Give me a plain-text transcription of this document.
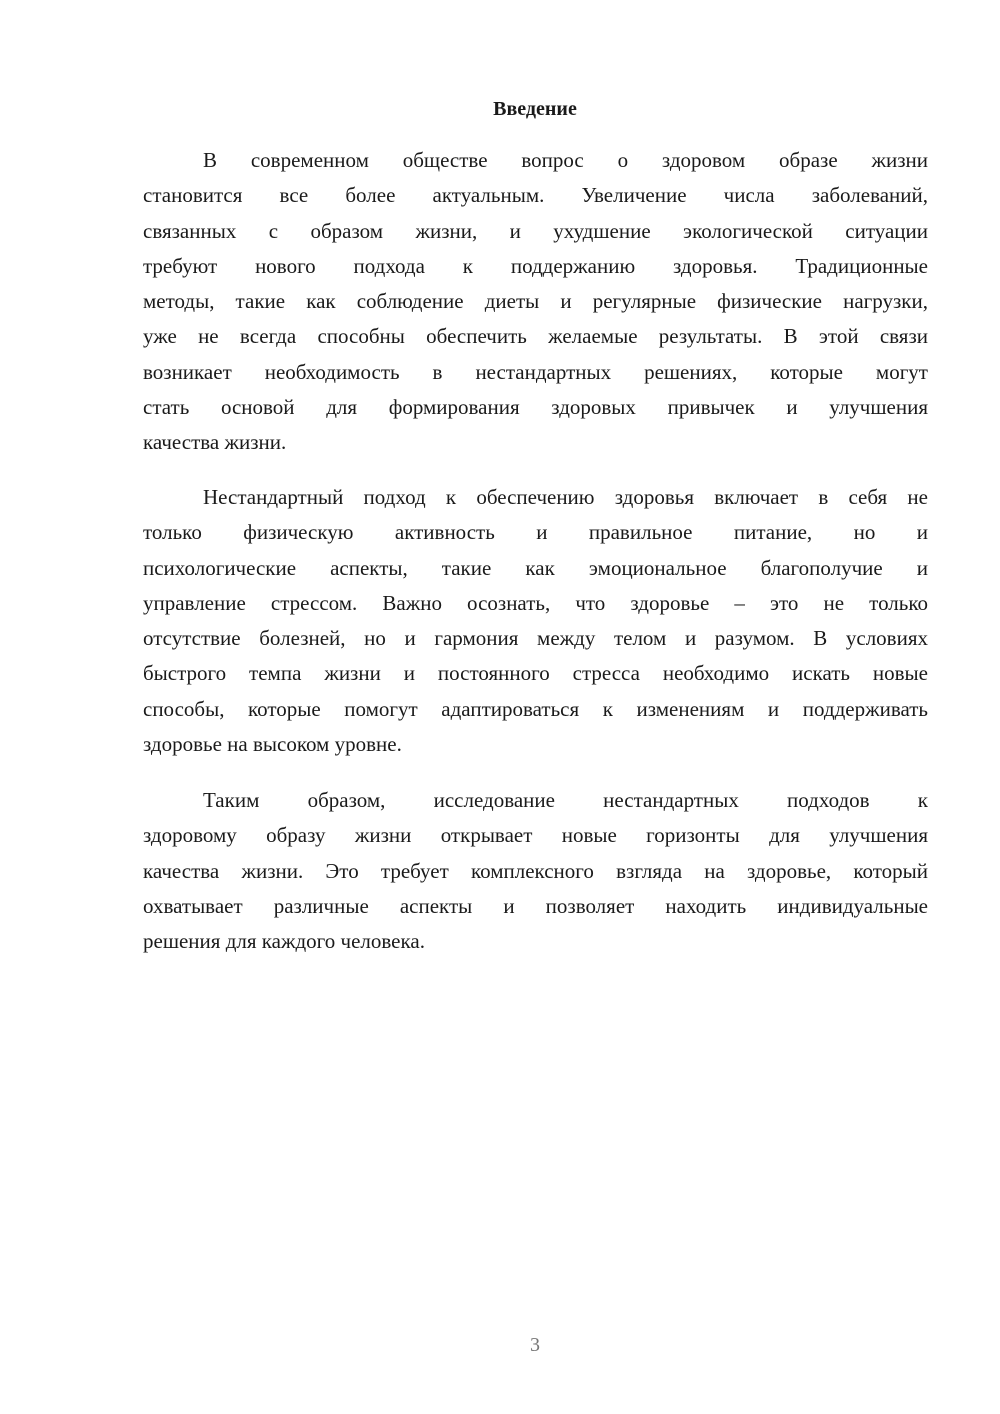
Введение
В современном обществе вопрос о здоровом образе жизни
становится все более актуальным. Увеличение числа заболеваний,
связанных с образом жизни, и ухудшение экологической ситуации
требуют нового подхода к поддержанию здоровья. Традиционные
методы, такие как соблюдение диеты и регулярные физические нагрузки,
уже не всегда способны обеспечить желаемые результаты. В этой связи
возникает необходимость в нестандартных решениях, которые могут
стать основой для формирования здоровых привычек и улучшения
качества жизни.
Нестандартный подход к обеспечению здоровья включает в себя не
только физическую активность и правильное питание, но и
психологические аспекты, такие как эмоциональное благополучие и
управление стрессом. Важно осознать, что здоровье – это не только
отсутствие болезней, но и гармония между телом и разумом. В условиях
быстрого темпа жизни и постоянного стресса необходимо искать новые
способы, которые помогут адаптироваться к изменениям и поддерживать
здоровье на высоком уровне.
Таким образом, исследование нестандартных подходов к
здоровому образу жизни открывает новые горизонты для улучшения
качества жизни. Это требует комплексного взгляда на здоровье, который
охватывает различные аспекты и позволяет находить индивидуальные
решения для каждого человека.
3
